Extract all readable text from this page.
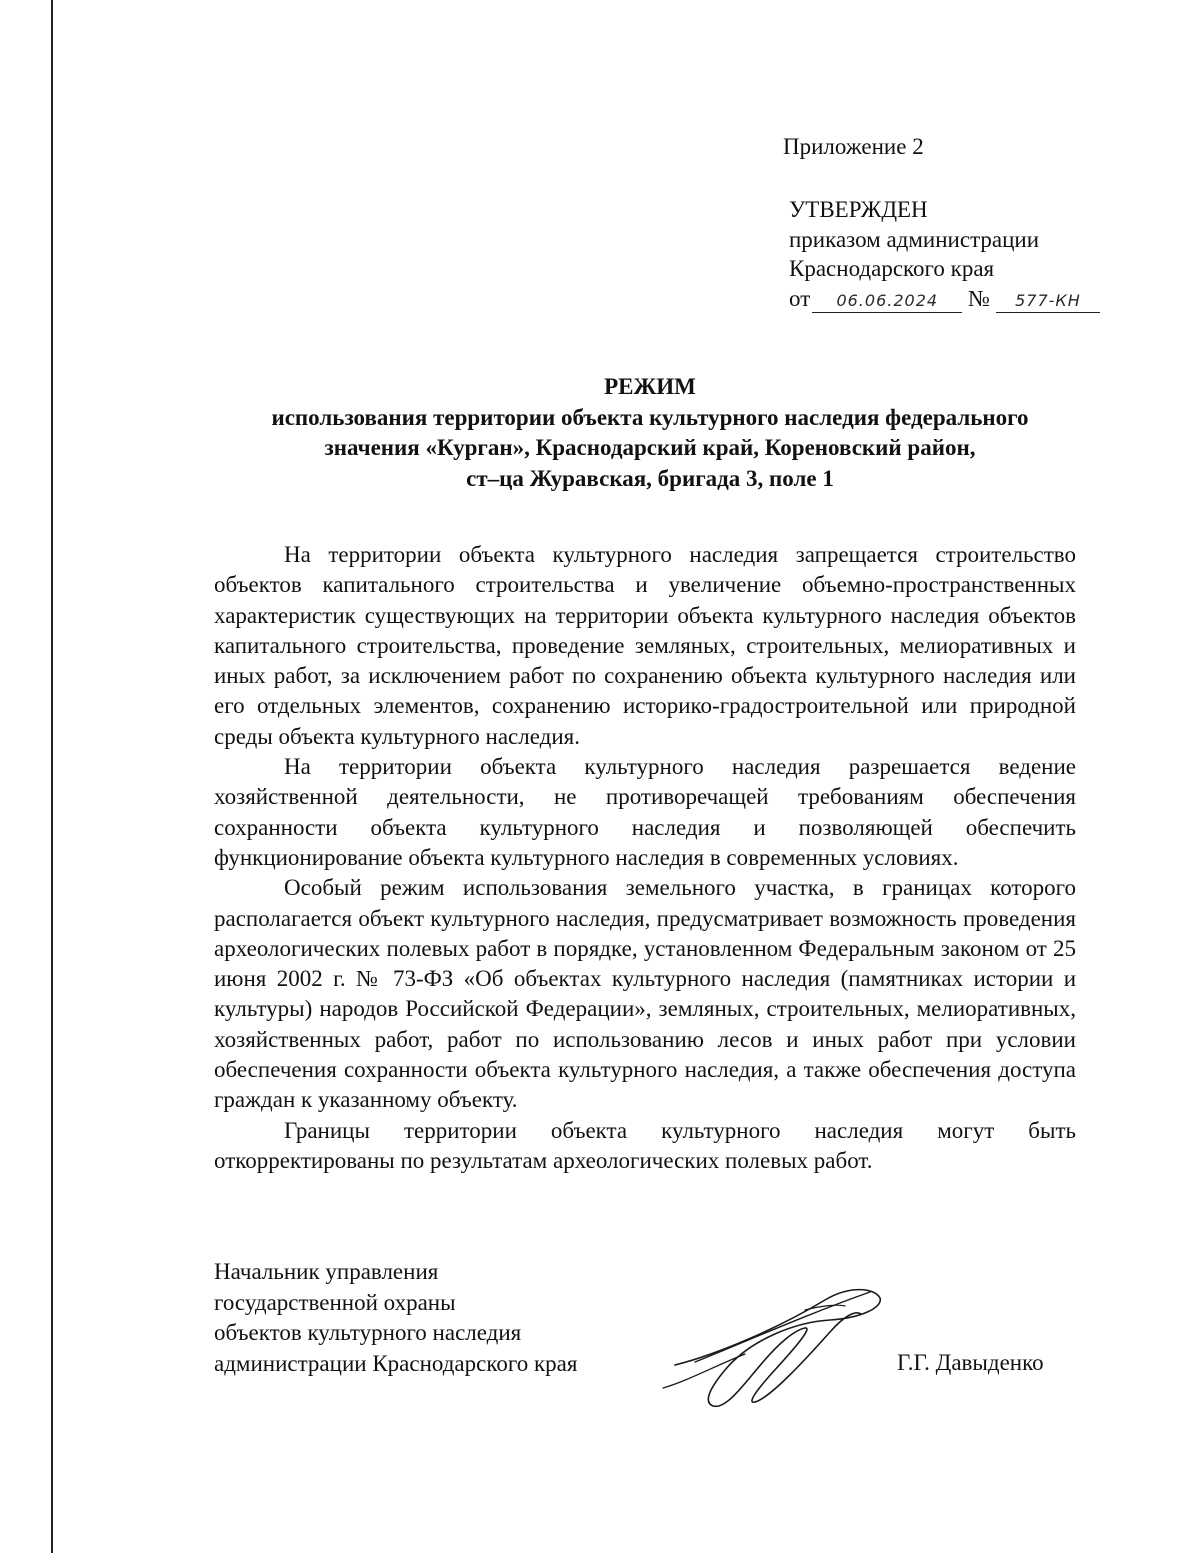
Приложение 2
УТВЕРЖДЕН
приказом администрации
Краснодарского края
от 06.06.2024 № 577-КН
РЕЖИМ
использования территории объекта культурного наследия федерального
значения «Курган», Краснодарский край, Кореновский район,
ст–ца Журавская, бригада 3, поле 1

На территории объекта культурного наследия запрещается строительство объектов капитального строительства и увеличение объемно-пространственных характеристик существующих на территории объекта культурного наследия объектов капитального строительства, проведение земляных, строительных, мелиоративных и иных работ, за исключением работ по сохранению объекта культурного наследия или его отдельных элементов, сохранению историко-градостроительной или природной среды объекта культурного наследия.

На территории объекта культурного наследия разрешается ведение хозяйственной деятельности, не противоречащей требованиям обеспечения сохранности объекта культурного наследия и позволяющей обеспечить функционирование объекта культурного наследия в современных условиях.

Особый режим использования земельного участка, в границах которого располагается объект культурного наследия, предусматривает возможность проведения археологических полевых работ в порядке, установленном Федеральным законом от 25 июня 2002 г. № 73-ФЗ «Об объектах культурного наследия (памятниках истории и культуры) народов Российской Федерации», земляных, строительных, мелиоративных, хозяйственных работ, работ по использованию лесов и иных работ при условии обеспечения сохранности объекта культурного наследия, а также обеспечения доступа граждан к указанному объекту.

Границы территории объекта культурного наследия могут быть откорректированы по результатам археологических полевых работ.

Начальник управления
государственной охраны
объектов культурного наследия
администрации Краснодарского края	Г.Г. Давыденко
